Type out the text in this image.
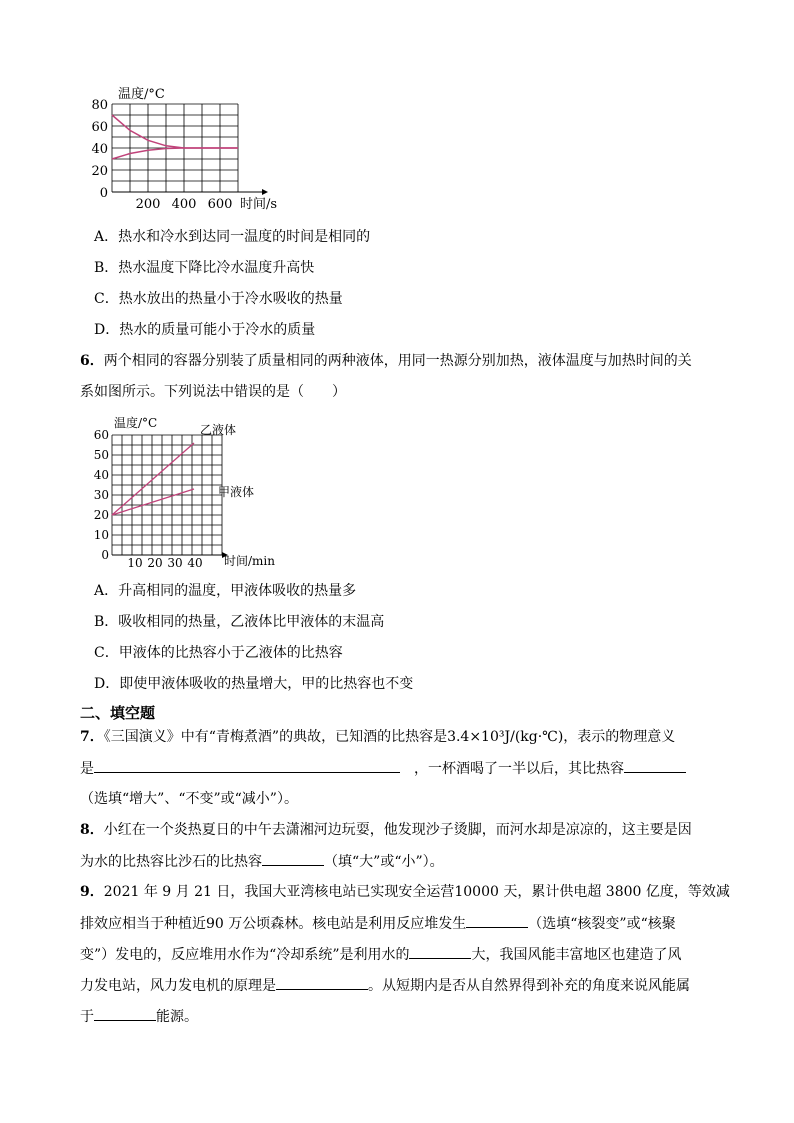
温度/°C
时间/s
80
60
40
20
0
200 400 600
A．热水和冷水到达同一温度的时间是相同的
B．热水温度下降比冷水温度升高快
C．热水放出的热量小于冷水吸收的热量
D．热水的质量可能小于冷水的质量
6．两个相同的容器分别装了质量相同的两种液体，用同一热源分别加热，液体温度与加热时间的关
系如图所示。下列说法中错误的是（　　）
温度/°C
时间/min
乙液体
甲液体
60
50
40
30
20
10
0
10 20 30 40
A．升高相同的温度，甲液体吸收的热量多
B．吸收相同的热量，乙液体比甲液体的末温高
C．甲液体的比热容小于乙液体的比热容
D．即使甲液体吸收的热量增大，甲的比热容也不变
二、填空题
7．《三国演义》中有“青梅煮酒”的典故，已知酒的比热容是3.4×10³J/(kg·℃)，表示的物理意义
是　	，一杯酒喝了一半以后，其比热容
（选填“增大”、“不变”或“减小”）。
8．小红在一个炎热夏日的中午去潇湘河边玩耍，他发现沙子烫脚，而河水却是凉凉的，这主要是因
为水的比热容比沙石的比热容	（填“大”或“小”）。
9．2021 年 9 月 21 日，我国大亚湾核电站已实现安全运营10000 天，累计供电超 3800 亿度，等效减
排效应相当于种植近90 万公顷森林。核电站是利用反应堆发生	（选填“核裂变”或“核聚
变”）发电的，反应堆用水作为“冷却系统”是利用水的	大，我国风能丰富地区也建造了风
力发电站，风力发电机的原理是	。从短期内是否从自然界得到补充的角度来说风能属
于	能源。
